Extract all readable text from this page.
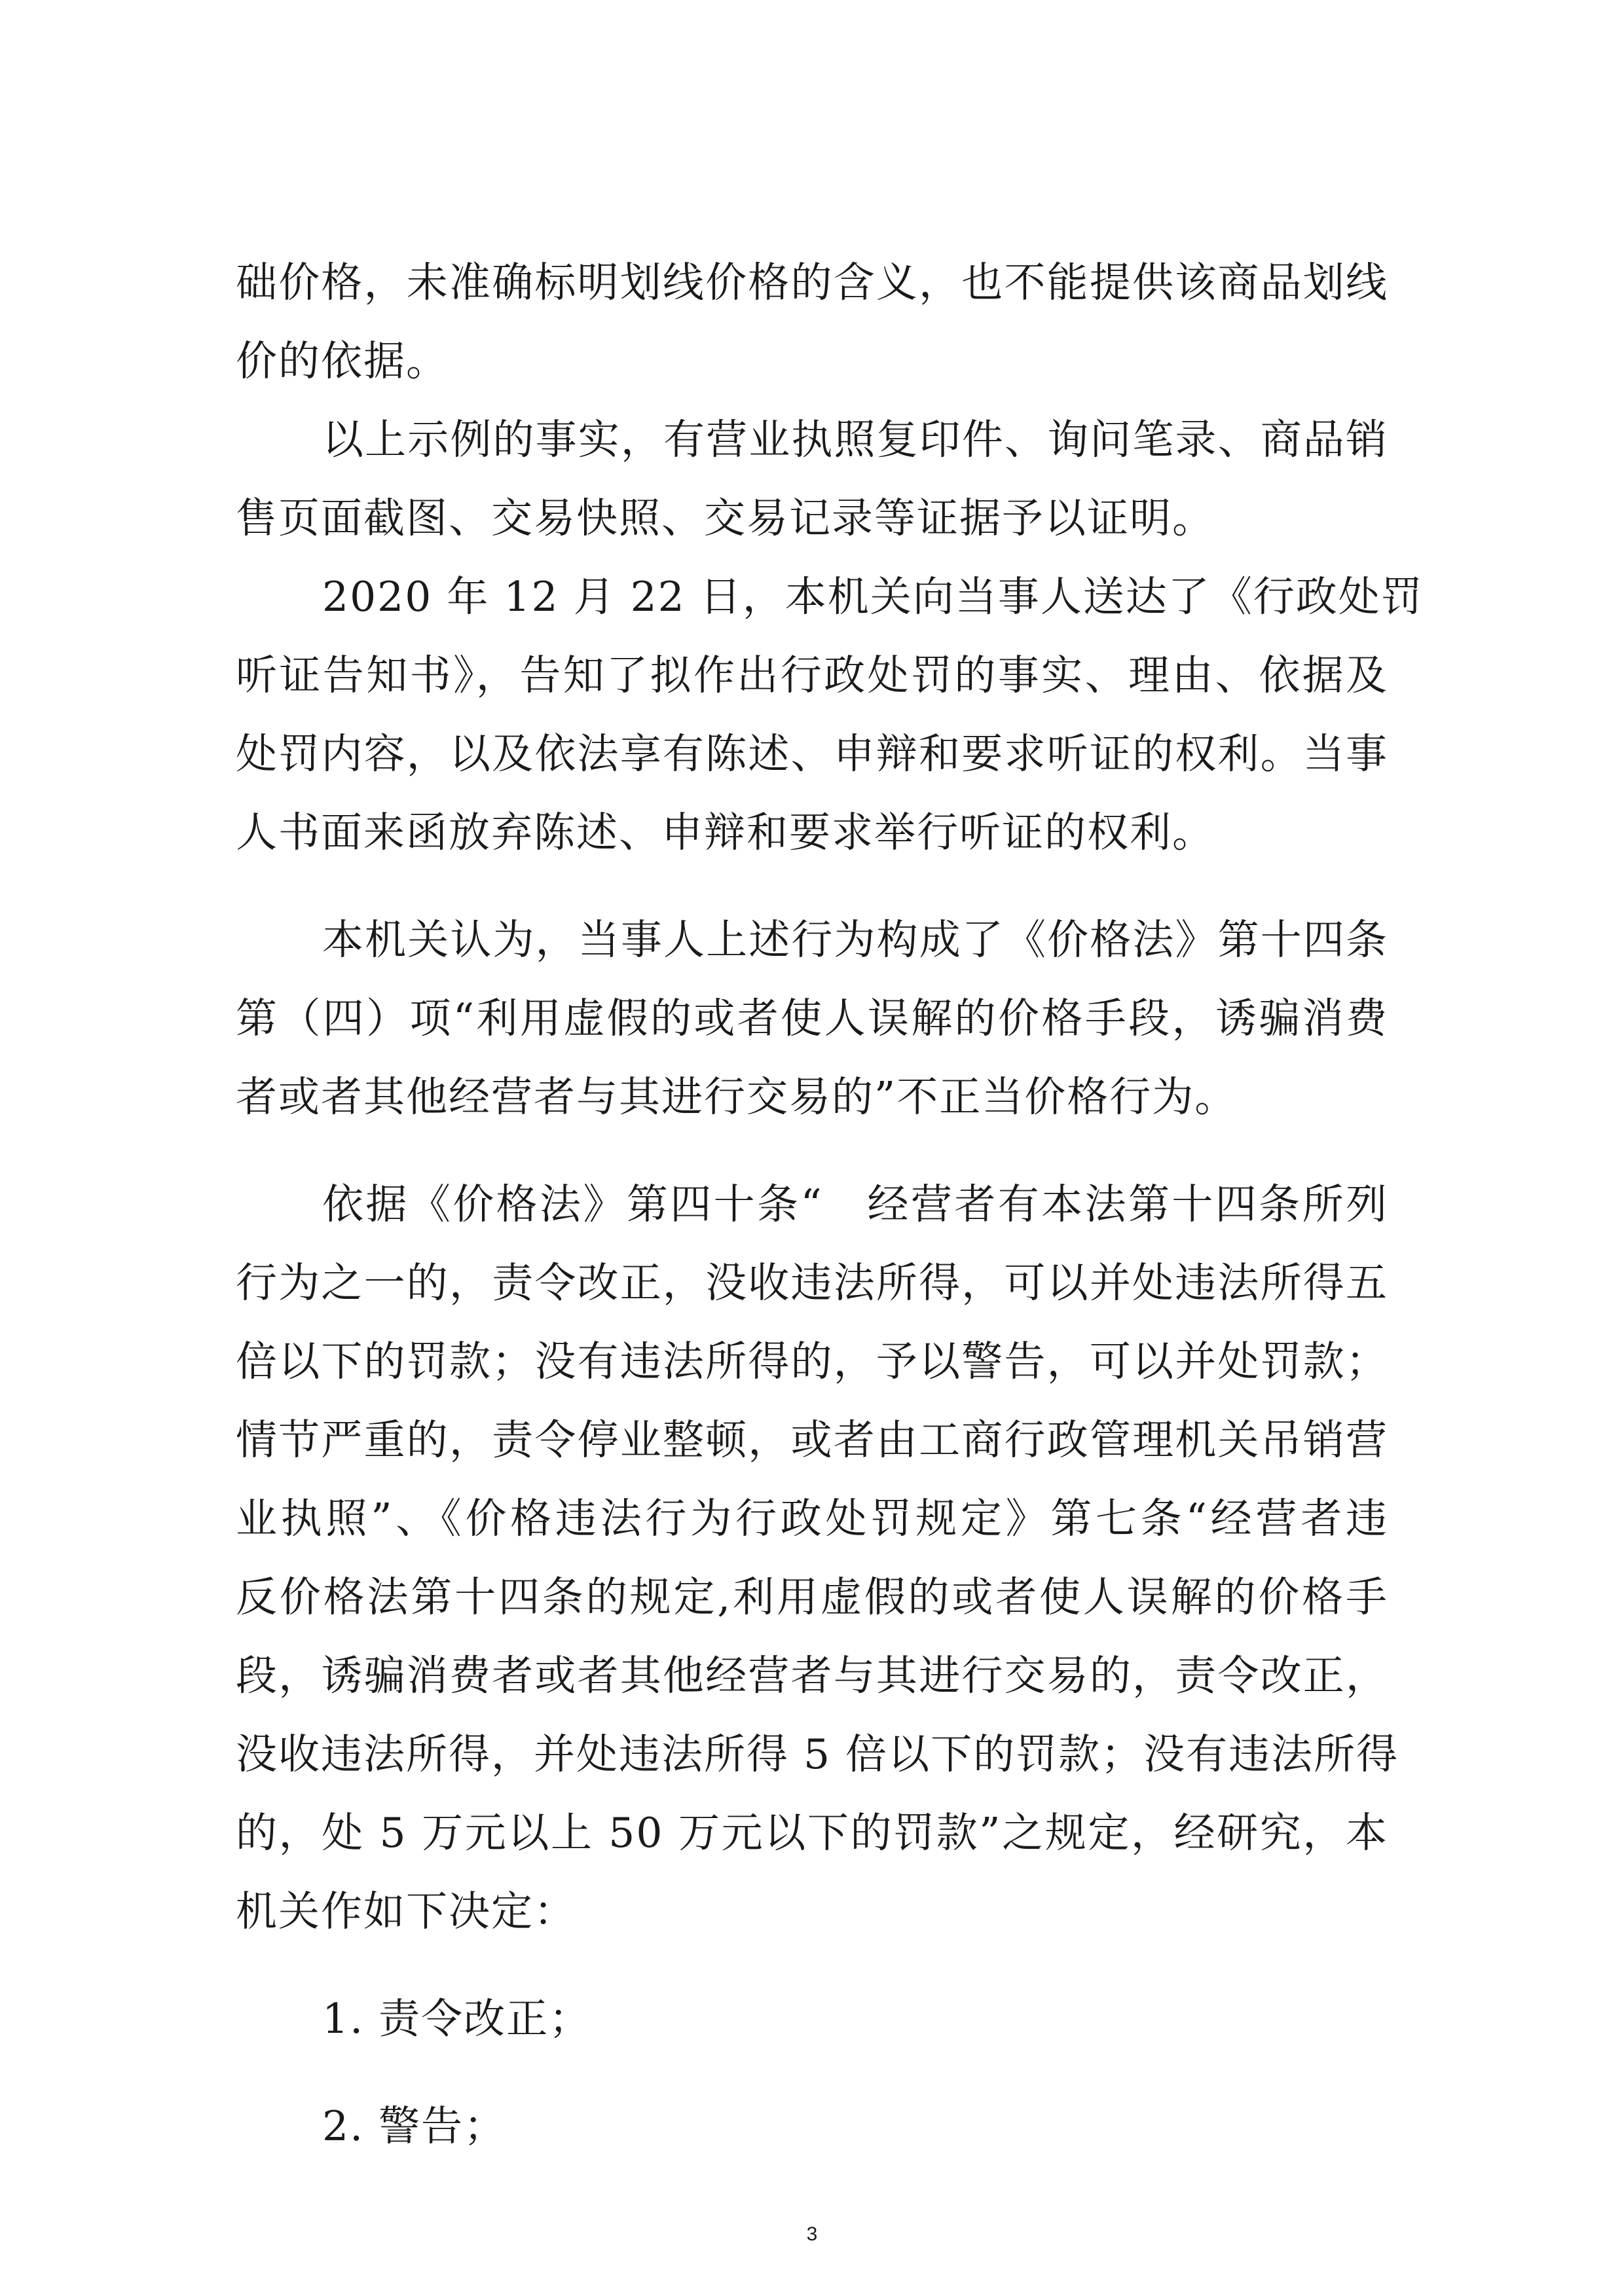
础价格，未准确标明划线价格的含义，也不能提供该商品划线
价的依据。
以上示例的事实，有营业执照复印件、询问笔录、商品销
售页面截图、交易快照、交易记录等证据予以证明。
2020 年 12 月 22 日，本机关向当事人送达了《行政处罚
听证告知书》，告知了拟作出行政处罚的事实、理由、依据及
处罚内容，以及依法享有陈述、申辩和要求听证的权利。当事
人书面来函放弃陈述、申辩和要求举行听证的权利。
本机关认为，当事人上述行为构成了《价格法》第十四条
第（四）项“利用虚假的或者使人误解的价格手段，诱骗消费
者或者其他经营者与其进行交易的”不正当价格行为。
依据《价格法》第四十条“　经营者有本法第十四条所列
行为之一的，责令改正，没收违法所得，可以并处违法所得五
倍以下的罚款；没有违法所得的，予以警告，可以并处罚款；
情节严重的，责令停业整顿，或者由工商行政管理机关吊销营
业执照”、《价格违法行为行政处罚规定》第七条“经营者违
反价格法第十四条的规定,利用虚假的或者使人误解的价格手
段，诱骗消费者或者其他经营者与其进行交易的，责令改正，
没收违法所得，并处违法所得 5 倍以下的罚款；没有违法所得
的，处 5 万元以上 50 万元以下的罚款”之规定，经研究，本
机关作如下决定：
1. 责令改正；
2. 警告；
3
